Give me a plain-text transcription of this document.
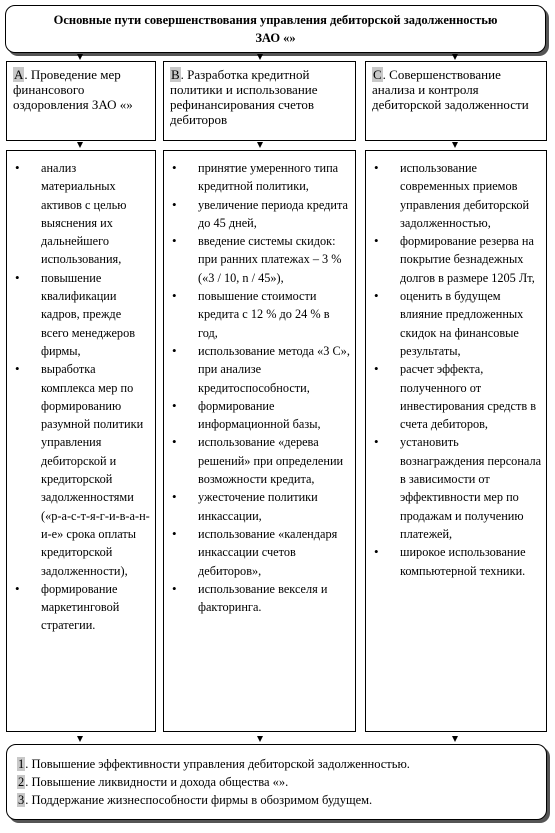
Основные пути совершенствования управления дебиторской задолженностью ЗАО «»
А. Проведение мер финансового оздоровления ЗАО «»
В. Разработка кредитной политики и использование рефинансирования счетов дебиторов
С. Совершенствование анализа и контроля дебиторской задолженности
• анализ материальных активов с целью выяснения их дальнейшего использования,
• повышение квалификации кадров, прежде всего менеджеров фирмы,
• выработка комплекса мер по формированию разумной политики управления дебиторской и кредиторской задолженностями («р-а-с-т-я-г-и-в-а-н-и-е» срока оплаты кредиторской задолженности),
• формирование маркетинговой стратегии.
• принятие умеренного типа кредитной политики,
• увеличение периода кредита до 45 дней,
• введение системы скидок: при ранних платежах – 3 % («3 / 10, n / 45»),
• повышение стоимости кредита с 12 % до 24 % в год,
• использование метода «3 С», при анализе кредитоспособности,
• формирование информационной базы,
• использование «дерева решений» при определении возможности кредита,
• ужесточение политики инкассации,
• использование «календаря инкассации счетов дебиторов»,
• использование векселя и факторинга.
• использование современных приемов управления дебиторской задолженностью,
• формирование резерва на покрытие безнадежных долгов в размере 1205 Лт,
• оценить в будущем влияние предложенных скидок на финансовые результаты,
• расчет эффекта, полученного от инвестирования средств в счета дебиторов,
• установить вознаграждения персонала в зависимости от эффективности мер по продажам и получению платежей,
• широкое использование компьютерной техники.
1. Повышение эффективности управления дебиторской задолженностью.
2. Повышение ликвидности и дохода общества «».
3. Поддержание жизнеспособности фирмы в обозримом будущем.
